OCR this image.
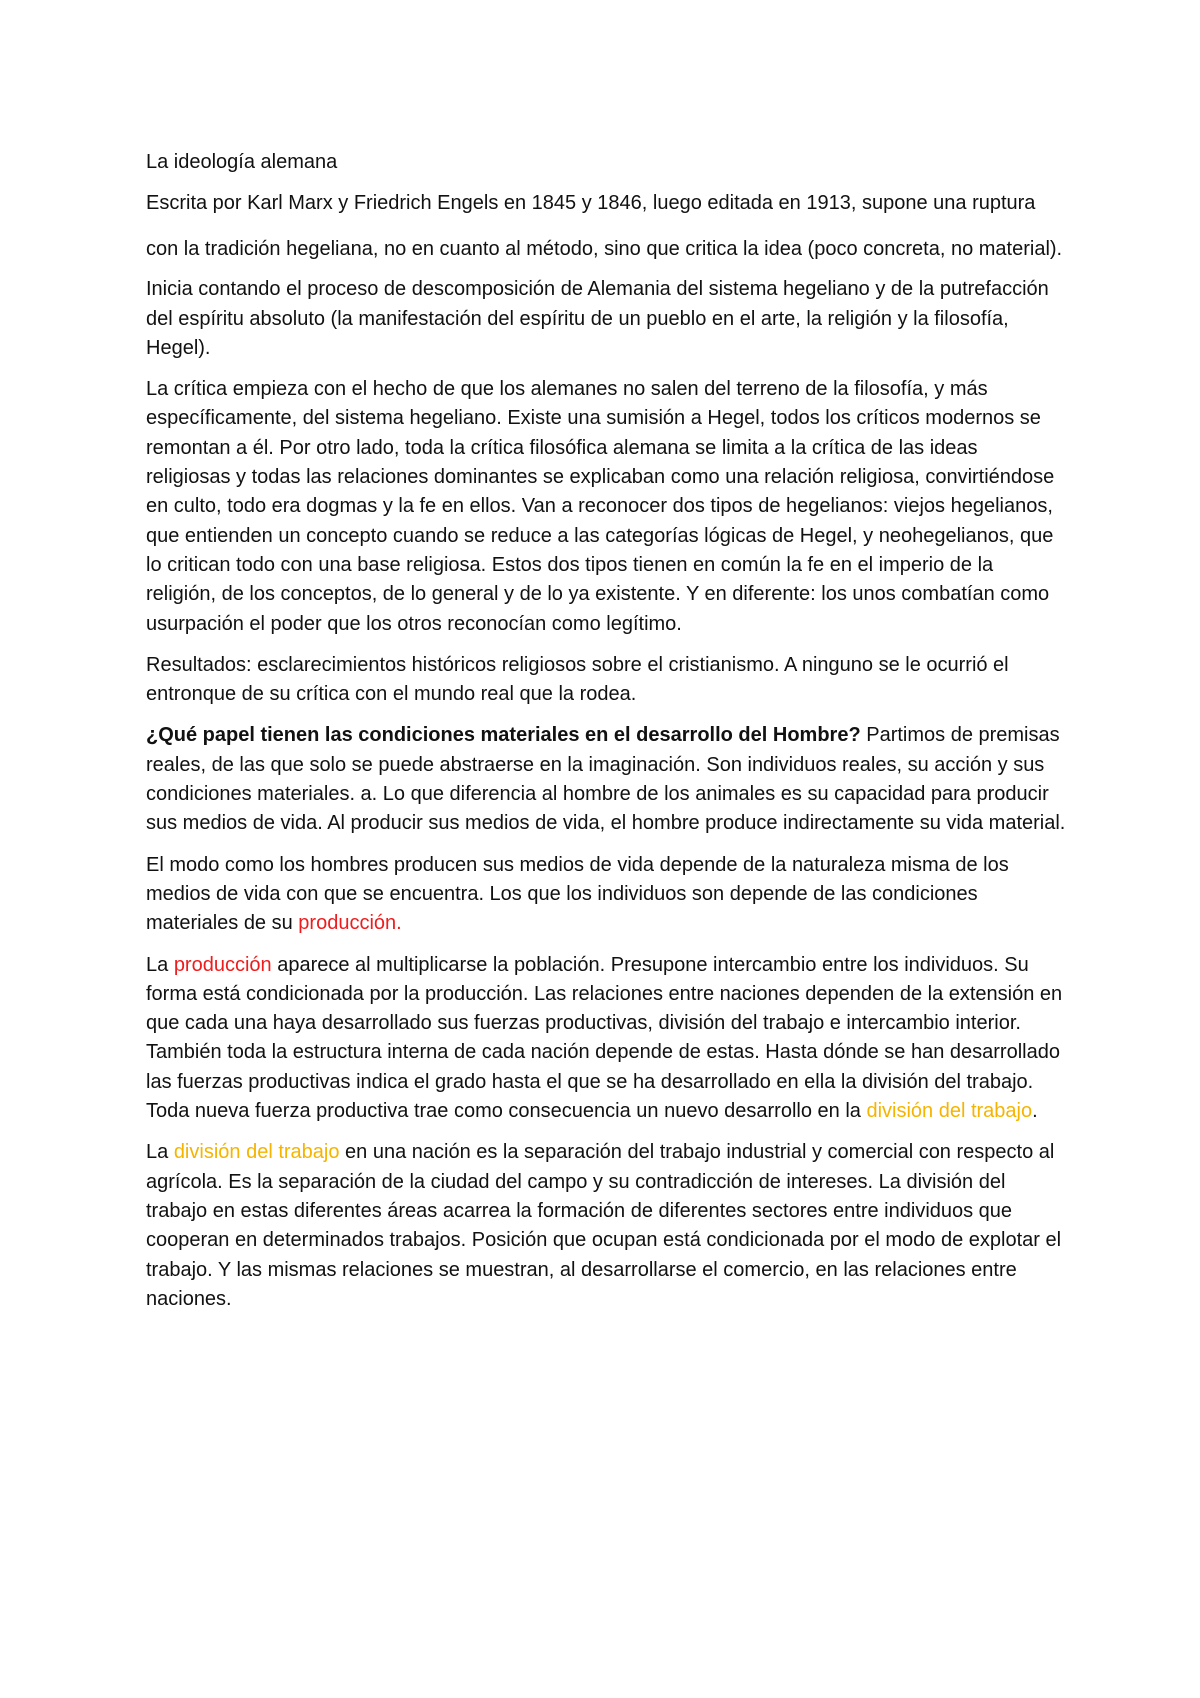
La ideología alemana

Escrita por Karl Marx y Friedrich Engels en 1845 y 1846, luego editada en 1913, supone una ruptura con la tradición hegeliana, no en cuanto al método, sino que critica la idea (poco concreta, no material).

Inicia contando el proceso de descomposición de Alemania del sistema hegeliano y de la putrefacción del espíritu absoluto (la manifestación del espíritu de un pueblo en el arte, la religión y la filosofía, Hegel).

La crítica empieza con el hecho de que los alemanes no salen del terreno de la filosofía, y más específicamente, del sistema hegeliano. Existe una sumisión a Hegel, todos los críticos modernos se remontan a él. Por otro lado, toda la crítica filosófica alemana se limita a la crítica de las ideas religiosas y todas las relaciones dominantes se explicaban como una relación religiosa, convirtiéndose en culto, todo era dogmas y la fe en ellos. Van a reconocer dos tipos de hegelianos: viejos hegelianos, que entienden un concepto cuando se reduce a las categorías lógicas de Hegel, y neohegelianos, que lo critican todo con una base religiosa. Estos dos tipos tienen en común la fe en el imperio de la religión, de los conceptos, de lo general y de lo ya existente. Y en diferente: los unos combatían como usurpación el poder que los otros reconocían como legítimo.

Resultados: esclarecimientos históricos religiosos sobre el cristianismo. A ninguno se le ocurrió el entronque de su crítica con el mundo real que la rodea.

¿Qué papel tienen las condiciones materiales en el desarrollo del Hombre? Partimos de premisas reales, de las que solo se puede abstraerse en la imaginación. Son individuos reales, su acción y sus condiciones materiales. a. Lo que diferencia al hombre de los animales es su capacidad para producir sus medios de vida. Al producir sus medios de vida, el hombre produce indirectamente su vida material.

El modo como los hombres producen sus medios de vida depende de la naturaleza misma de los medios de vida con que se encuentra. Los que los individuos son depende de las condiciones materiales de su producción.

La producción aparece al multiplicarse la población. Presupone intercambio entre los individuos. Su forma está condicionada por la producción. Las relaciones entre naciones dependen de la extensión en que cada una haya desarrollado sus fuerzas productivas, división del trabajo e intercambio interior. También toda la estructura interna de cada nación depende de estas. Hasta dónde se han desarrollado las fuerzas productivas indica el grado hasta el que se ha desarrollado en ella la división del trabajo. Toda nueva fuerza productiva trae como consecuencia un nuevo desarrollo en la división del trabajo.

La división del trabajo en una nación es la separación del trabajo industrial y comercial con respecto al agrícola. Es la separación de la ciudad del campo y su contradicción de intereses. La división del trabajo en estas diferentes áreas acarrea la formación de diferentes sectores entre individuos que cooperan en determinados trabajos. Posición que ocupan está condicionada por el modo de explotar el trabajo. Y las mismas relaciones se muestran, al desarrollarse el comercio, en las relaciones entre naciones.
